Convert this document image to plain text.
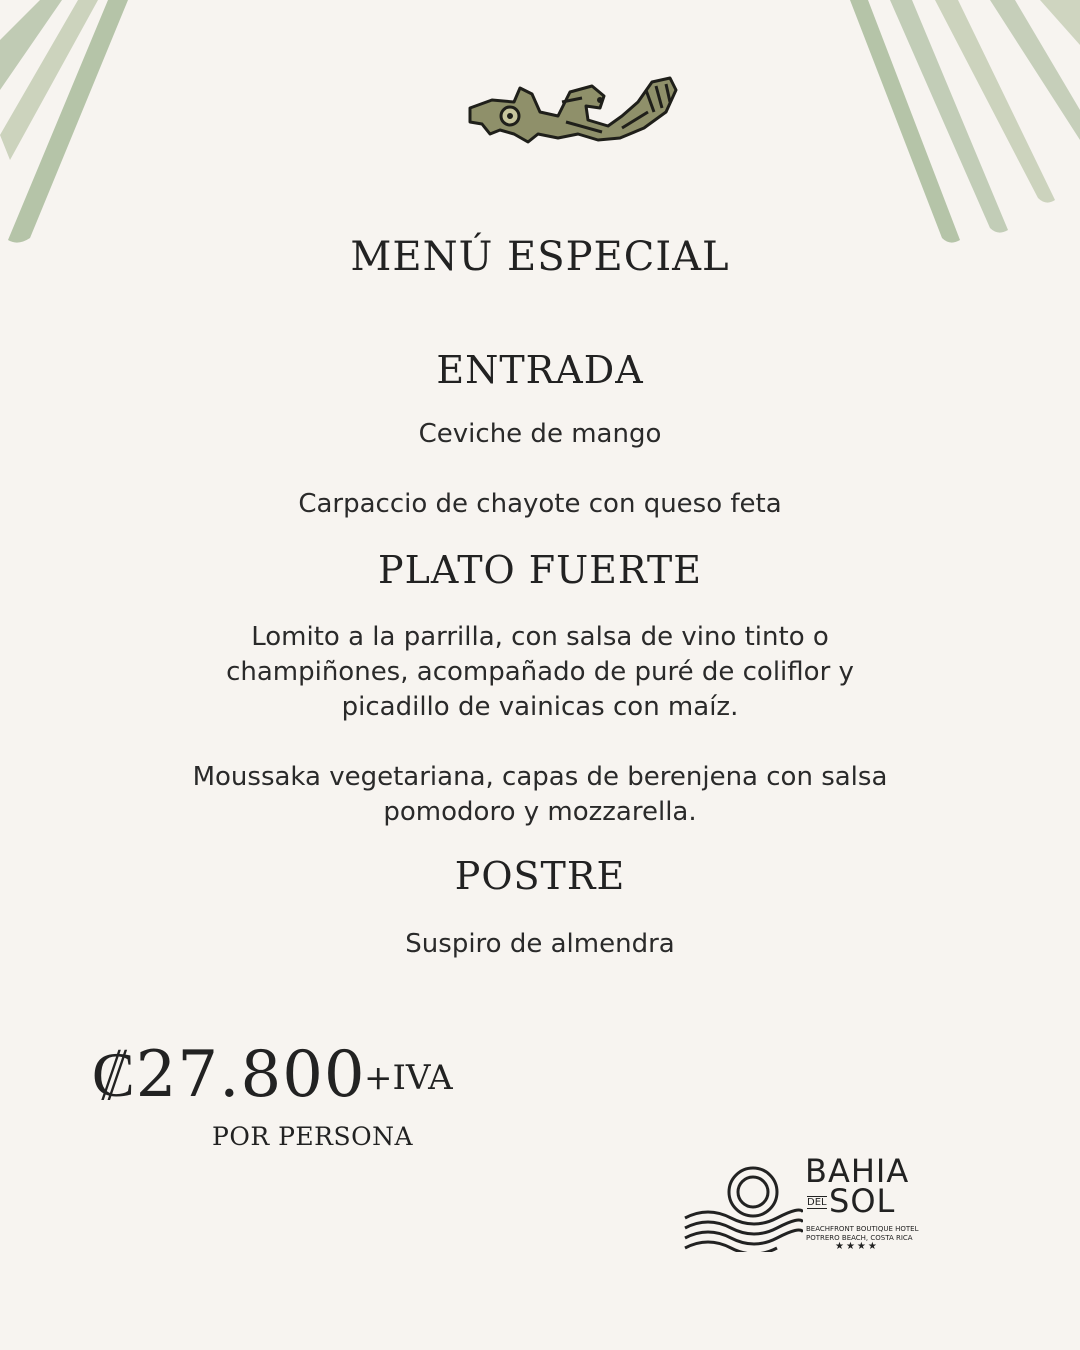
MENÚ ESPECIAL
ENTRADA
Ceviche de mango
Carpaccio de chayote con queso feta
PLATO FUERTE
Lomito a la parrilla, con salsa de vino tinto o champiñones, acompañado de puré de coliflor y picadillo de vainicas con maíz.
Moussaka vegetariana, capas de berenjena con salsa pomodoro y mozzarella.
POSTRE
Suspiro de almendra
₡27.800
+IVA
POR PERSONA
BAHIA
DEL SOL
BEACHFRONT BOUTIQUE HOTEL
POTRERO BEACH, COSTA RICA
★★★★
